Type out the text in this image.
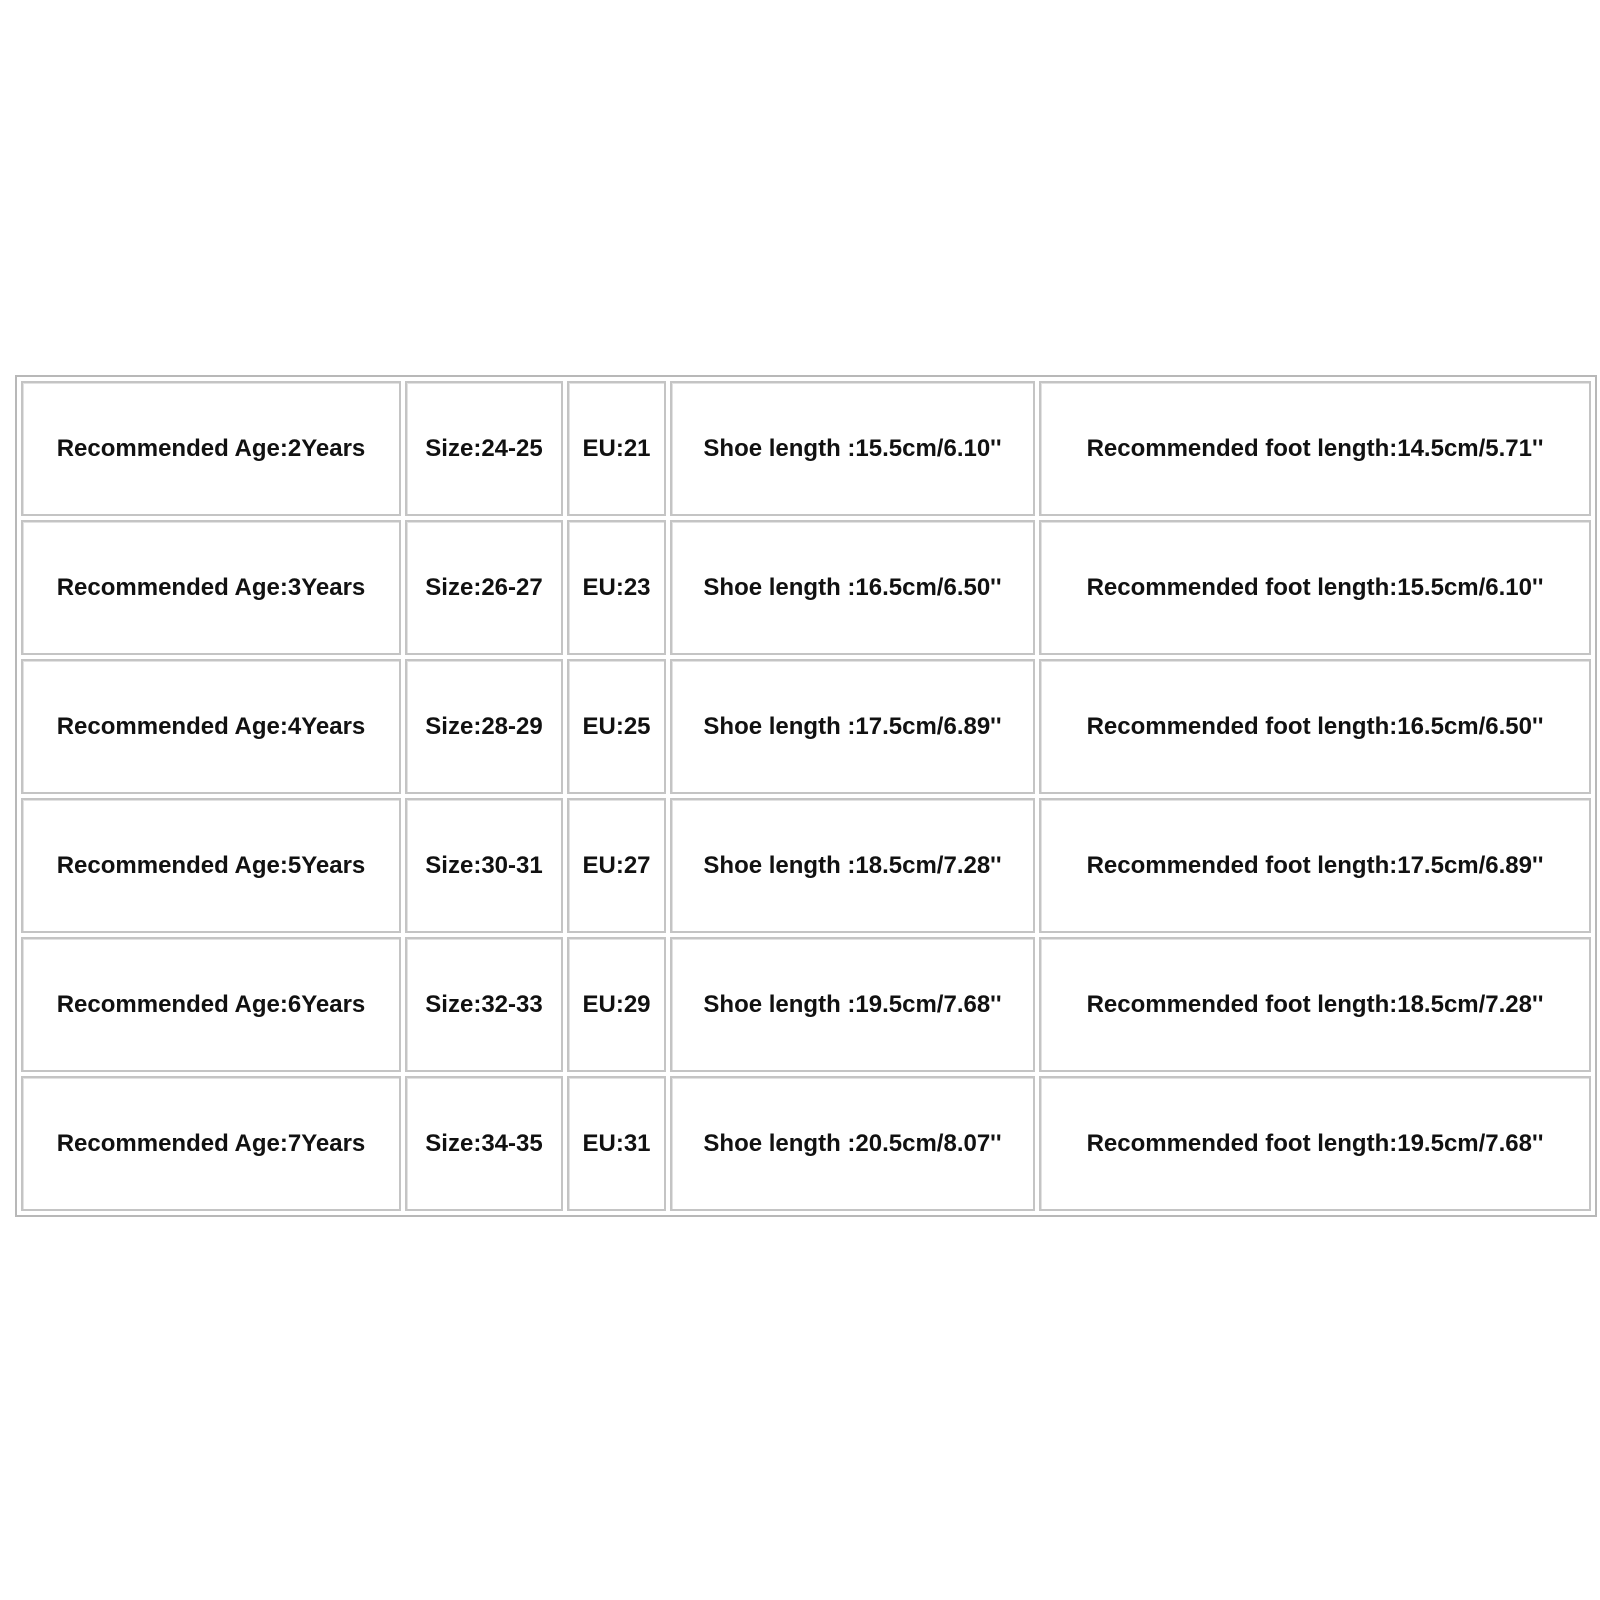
Recommended Age:2Years	Size:24-25	EU:21	Shoe length :15.5cm/6.10''	Recommended foot length:14.5cm/5.71''
Recommended Age:3Years	Size:26-27	EU:23	Shoe length :16.5cm/6.50''	Recommended foot length:15.5cm/6.10''
Recommended Age:4Years	Size:28-29	EU:25	Shoe length :17.5cm/6.89''	Recommended foot length:16.5cm/6.50''
Recommended Age:5Years	Size:30-31	EU:27	Shoe length :18.5cm/7.28''	Recommended foot length:17.5cm/6.89''
Recommended Age:6Years	Size:32-33	EU:29	Shoe length :19.5cm/7.68''	Recommended foot length:18.5cm/7.28''
Recommended Age:7Years	Size:34-35	EU:31	Shoe length :20.5cm/8.07''	Recommended foot length:19.5cm/7.68''
